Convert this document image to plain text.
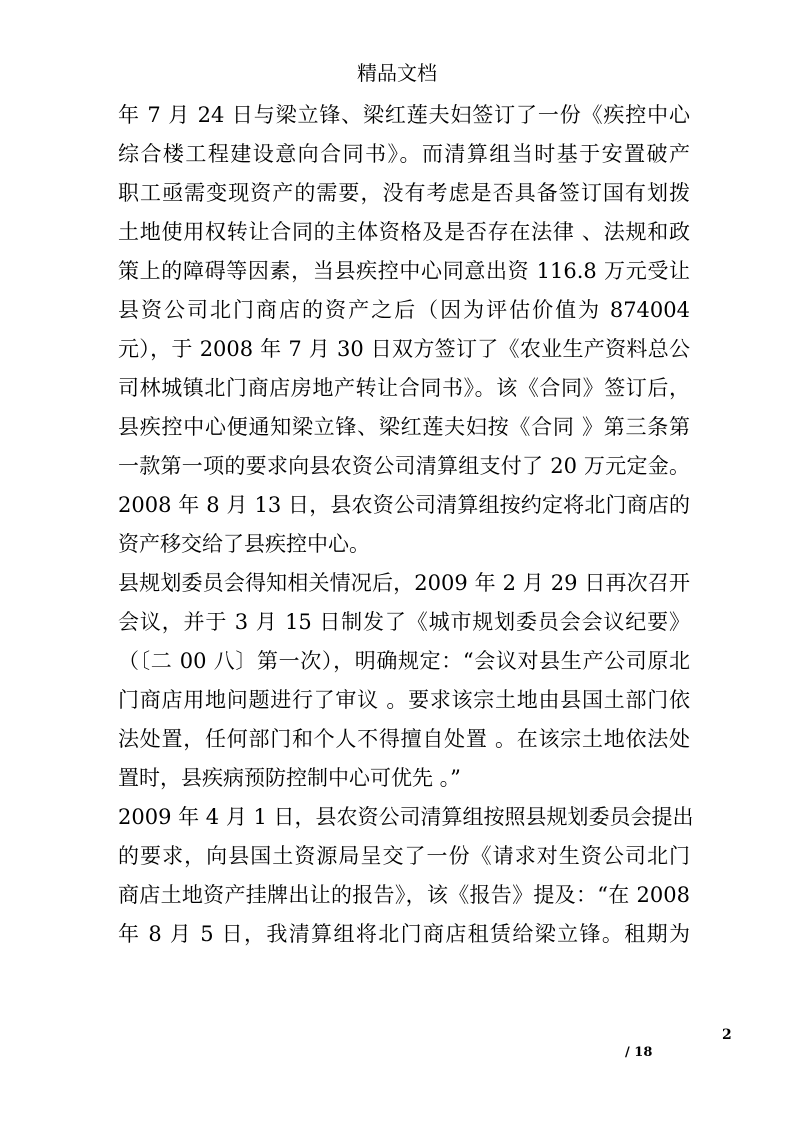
精品文档
年 7 月 24 日与梁立锋、梁红莲夫妇签订了一份《疾控中心
综合楼工程建设意向合同书》。而清算组当时基于安置破产
职工亟需变现资产的需要，没有考虑是否具备签订国有划拨
土地使用权转让合同的主体资格及是否存在法律 、法规和政
策上的障碍等因素，当县疾控中心同意出资 116.8 万元受让
县资公司北门商店的资产之后（因为评估价值为 874004
元），于 2008 年 7 月 30 日双方签订了《农业生产资料总公
司林城镇北门商店房地产转让合同书》。该《合同》签订后，
县疾控中心便通知梁立锋、梁红莲夫妇按《合同 》第三条第
一款第一项的要求向县农资公司清算组支付了 20 万元定金。
2008 年 8 月 13 日，县农资公司清算组按约定将北门商店的
资产移交给了县疾控中心。
县规划委员会得知相关情况后，2009 年 2 月 29 日再次召开
会议，并于 3 月 15 日制发了《城市规划委员会会议纪要》
（〔二 00 八〕第一次），明确规定：“会议对县生产公司原北
门商店用地问题进行了审议 。要求该宗土地由县国土部门依
法处置，任何部门和个人不得擅自处置 。在该宗土地依法处
置时，县疾病预防控制中心可优先 。”
2009 年 4 月 1 日，县农资公司清算组按照县规划委员会提出
的要求，向县国土资源局呈交了一份《请求对生资公司北门
商店土地资产挂牌出让的报告》，该《报告》提及：“在 2008
年 8 月 5 日，我清算组将北门商店租赁给梁立锋。租期为
2
/ 18
